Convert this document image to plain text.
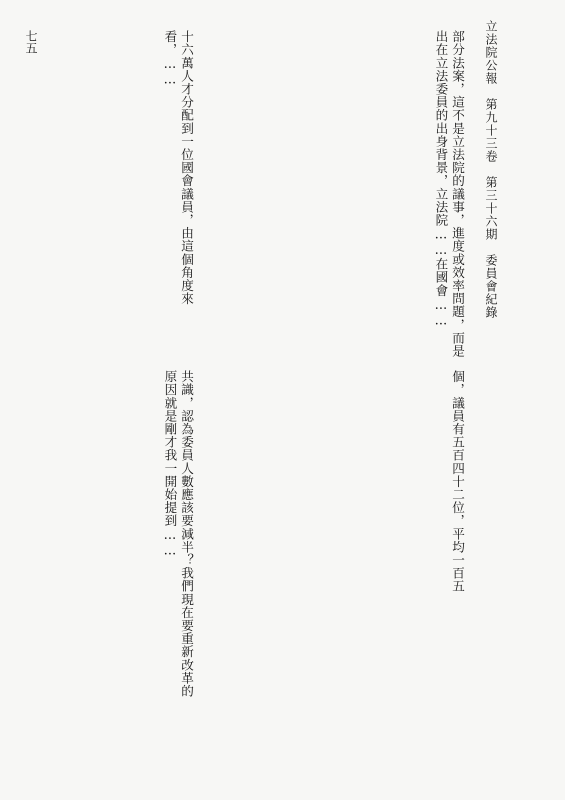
立法院公報　第九十三卷　第三十六期　委員會紀錄

部分法案，這不是立法院的議事，進度或效率問題，而是出在立法委員的出身背景，立法院……在國會……

個，議員有五百四十二位，平均一百五

十六萬人才分配到一位國會議員，由這個角度來看，……

共識，認為委員人數應該要減半？我們現在要重新改革的原因就是剛才我一開始提到……

七五
